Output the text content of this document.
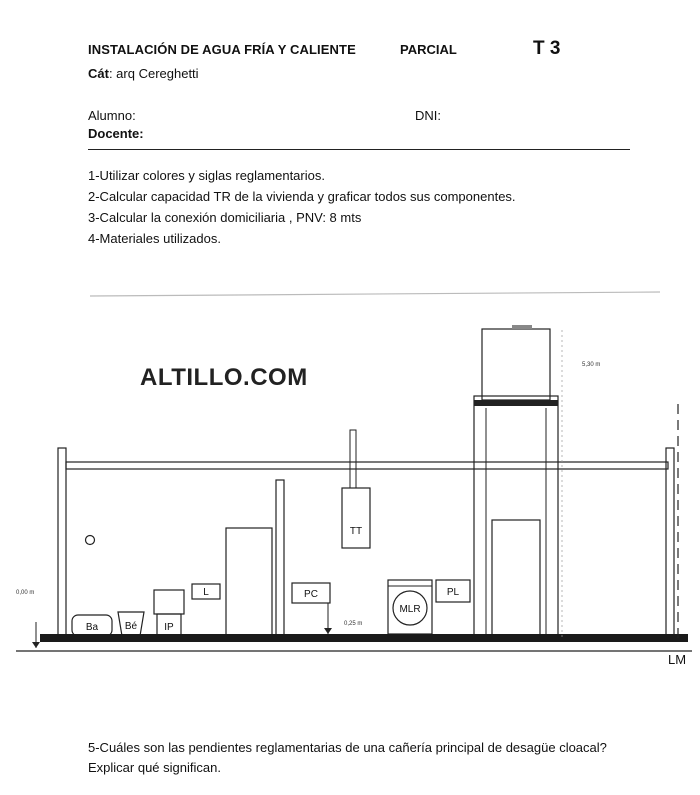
INSTALACIÓN DE AGUA FRÍA Y CALIENTE	PARCIAL	T 3
Cát: arq Cereghetti
Alumno:	DNI:
Docente:
1-Utilizar colores y siglas reglamentarios.
2-Calcular capacidad TR de la vivienda y graficar todos sus componentes.
3-Calcular la conexión domiciliaria , PNV: 8 mts
4-Materiales utilizados.
TT
Ba	Bé	IP
L	PC
0,25 m
MLR
PL
0,00 m
LM
5,30 m
ALTILLO.COM
5-Cuáles son las pendientes reglamentarias de una cañería principal de desagüe cloacal? Explicar qué significan.
